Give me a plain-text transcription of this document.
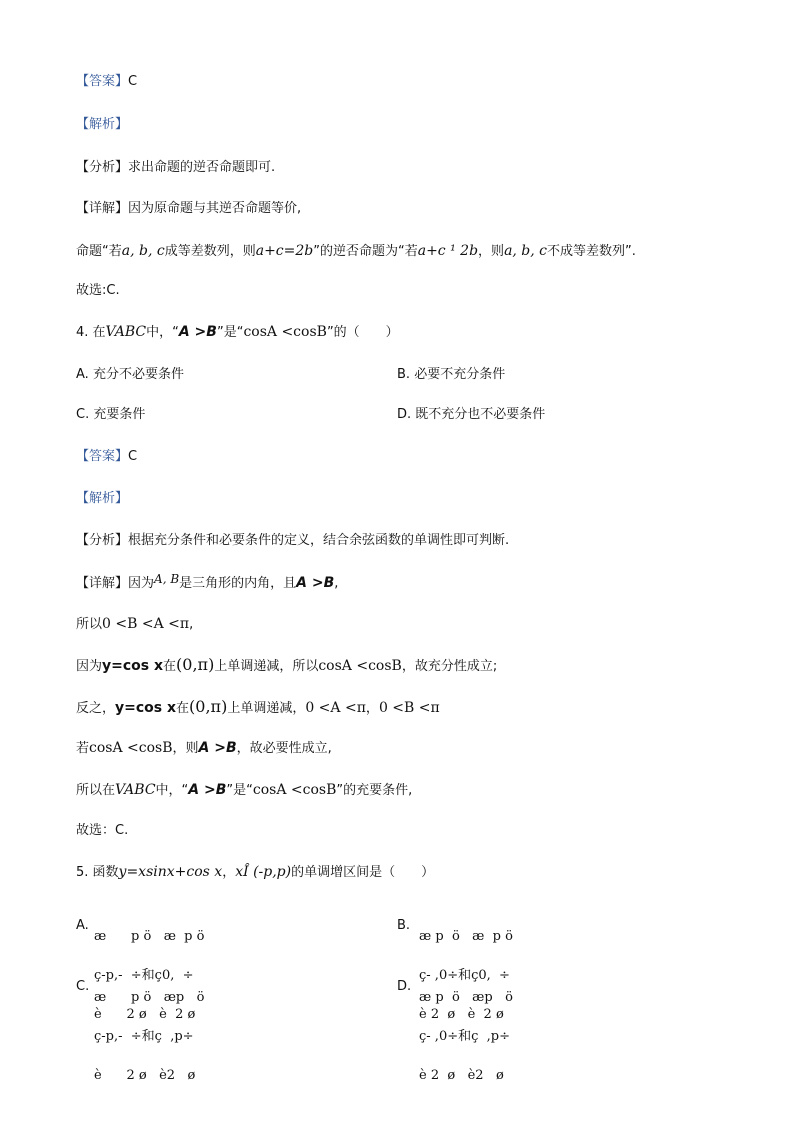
【答案】C
【解析】
【分析】求出命题的逆否命题即可.
【详解】因为原命题与其逆否命题等价,
命题“若a, b, c成等差数列，则a+c=2b”的逆否命题为“若a+c ¹ 2b，则a, b, c不成等差数列”.
故选:C.
4. 在VABC中，“A >B”是“cosA <cosB”的（　　）
A. 充分不必要条件	B. 必要不充分条件
C. 充要条件	D. 既不充分也不必要条件
【答案】C
【解析】
【分析】根据充分条件和必要条件的定义，结合余弦函数的单调性即可判断.
【详解】因为A, B是三角形的内角，且A >B,
所以0 <B <A <π,
因为y=cos x在(0,π)上单调递减，所以cosA <cosB，故充分性成立;
反之，y=cos x在(0,π)上单调递减，0 <A <π，0 <B <π
若cosA <cosB，则A >B，故必要性成立,
所以在VABC中，“A >B”是“cosA <cosB”的充要条件,
故选：C.
5. 函数y=xsinx+cos x，xÎ (-p,p)的单调增区间是（　　）
A.

æ      p ö   æ  p ö

ç-p,-  ÷和ç0,  ÷

è      2 ø   è  2 ø

B.

æ p  ö   æ  p ö

ç- ,0÷和ç0,  ÷

è 2  ø   è  2 ø

C.

æ      p ö   æp   ö

ç-p,-  ÷和ç  ,p÷

è      2 ø   è2   ø

D.

æ p  ö   æp   ö

ç- ,0÷和ç  ,p÷

è 2  ø   è2   ø
